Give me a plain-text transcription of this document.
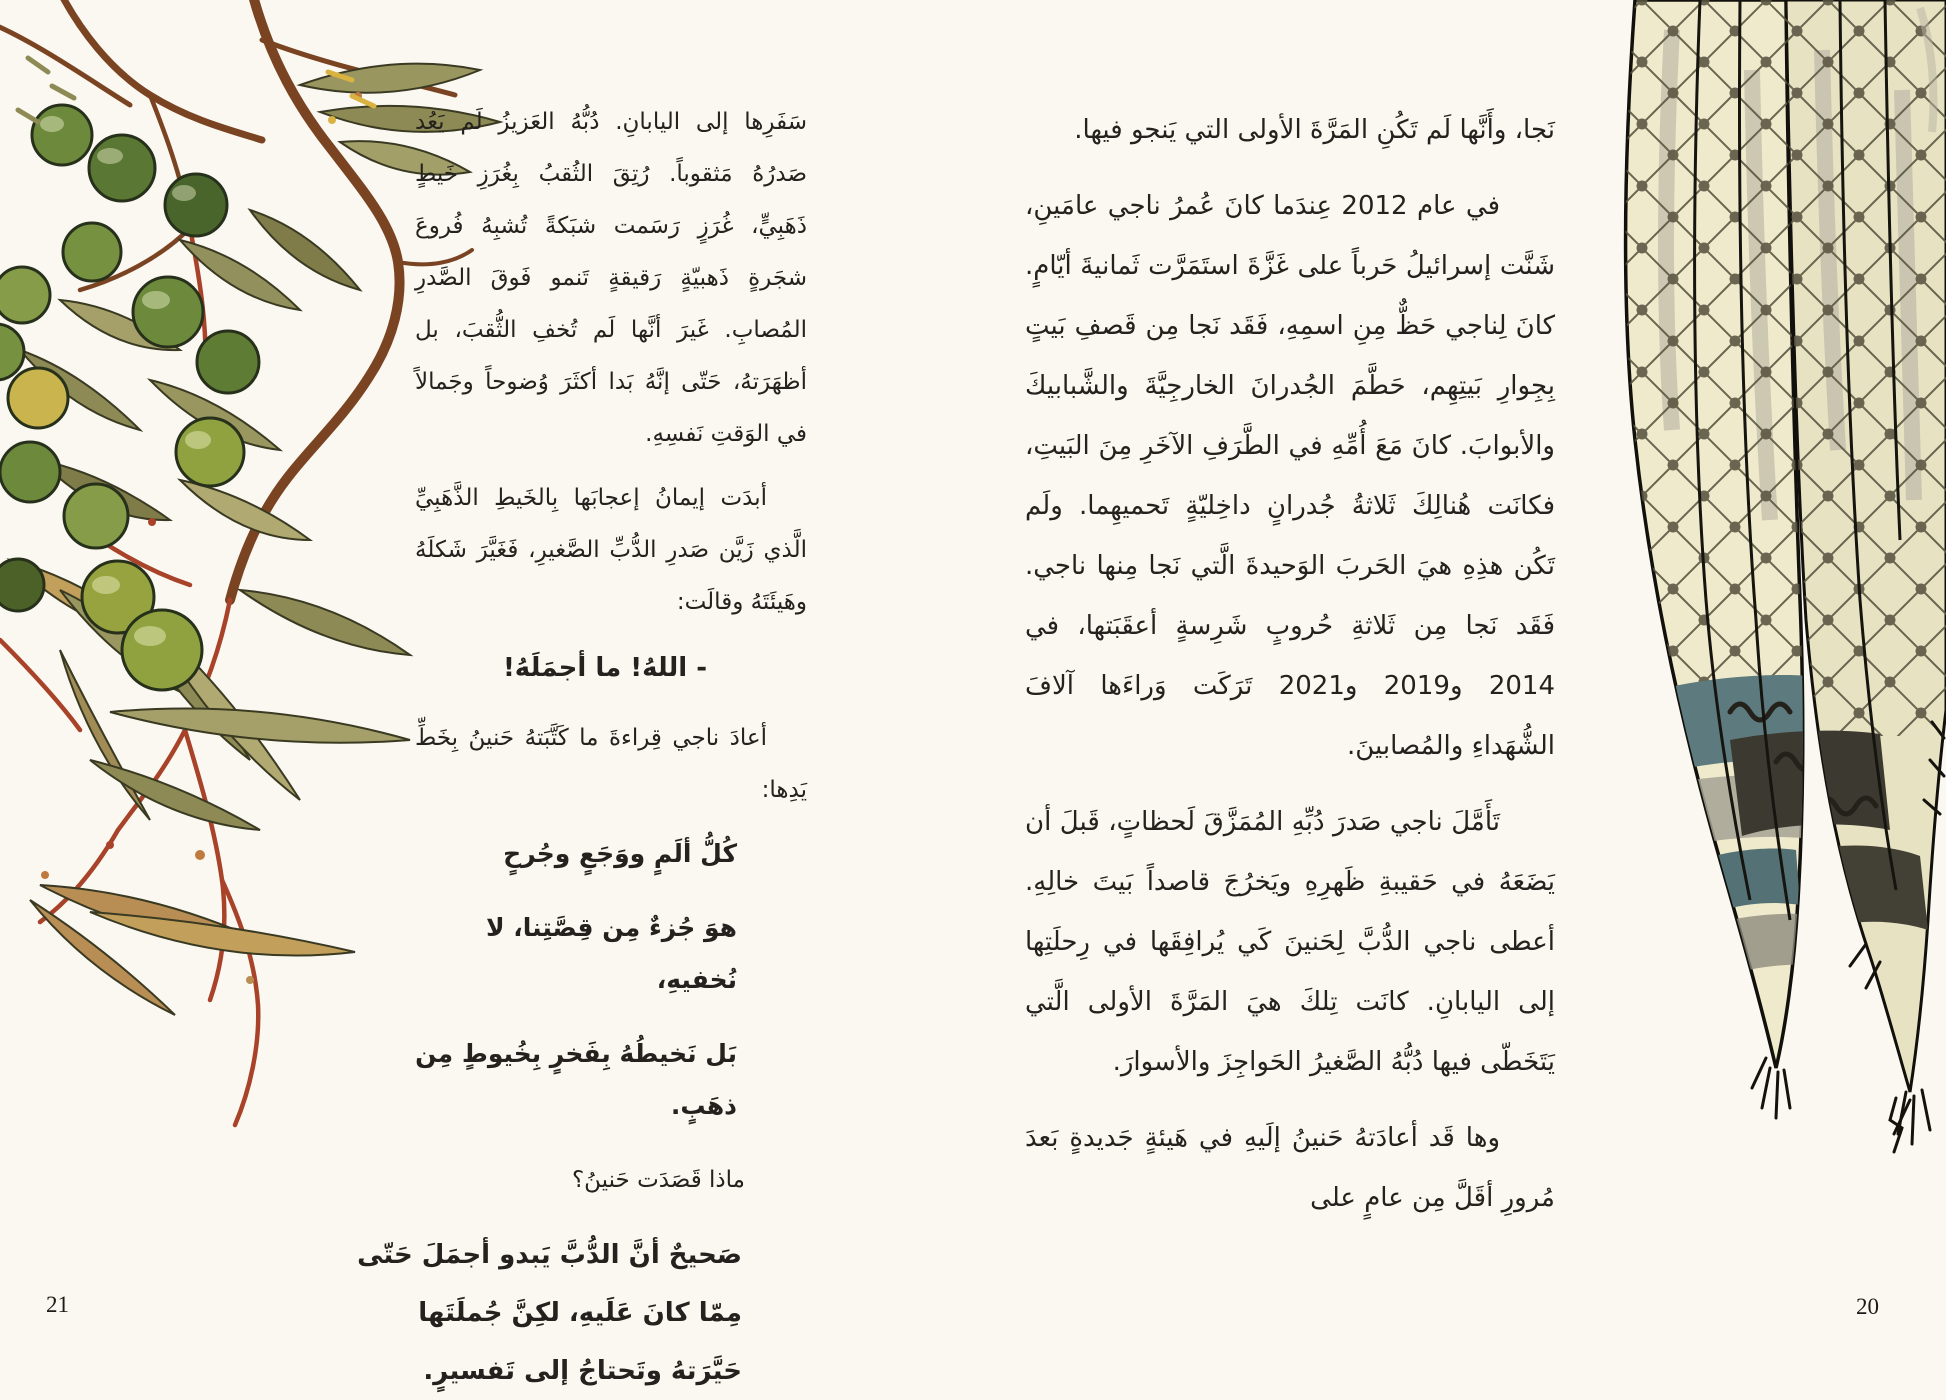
سَفَرِها إلى اليابانِ. دُبُّهُ العَزيزُ لَم يَعُد صَدرُهُ مَثقوباً. رُتِقَ الثُقبُ بِغُرَزِ خَيطٍ ذَهَبِيٍّ، غُرَزٍ رَسَمت شبَكةً تُشبِهُ فُروعَ شجَرةٍ ذَهبيّةٍ رَقيقةٍ تَنمو فَوقَ الصَّدرِ المُصابِ. غَيرَ أنَّها لَم تُخفِ الثُّقبَ، بل أظهَرَتهُ، حَتّى إنَّهُ بَدا أكثَرَ وُضوحاً وجَمالاً في الوَقتِ نَفسِهِ.

أبدَت إيمانُ إعجابَها بِالخَيطِ الذَّهَبِيِّ الَّذي زَيَّن صَدرِ الدُّبِّ الصَّغيرِ، فَغَيَّرَ شَكلَهُ وهَيئَتَهُ وقالَت:

- اللهُ! ما أجمَلَهُ!

أعادَ ناجي قِراءةَ ما كَتَّبَتهُ حَنينُ بِخَطِّ يَدِها:

كُلُّ ألَمٍ ووَجَعٍ وجُرحٍ

هوَ جُزءٌ مِن قِصَّتِنا، لا نُخفيهِ،

بَل نَخيطُهُ بِفَخرٍ بِخُيوطٍ مِن ذهَبٍ.

ماذا قَصَدَت حَنينُ؟

صَحيحٌ أنَّ الدُّبَّ يَبدو أجمَلَ حَتّى مِمّا كانَ عَلَيهِ، لكِنَّ جُملَتَها حَيَّرَتهُ وتَحتاجُ إلى تَفسيرٍ.

21

نَجا، وأَنَّها لَم تَكُنِ المَرَّةَ الأولى التي يَنجو فيها.

في عام 2012 عِندَما كانَ عُمرُ ناجي عامَينِ، شَنَّت إسرائيلُ حَرباً على غَزَّةَ استَمَرَّت ثَمانيةَ أيّامٍ. كانَ لِناجي حَظٌّ مِنِ اسمِهِ، فَقَد نَجا مِن قَصفِ بَيتٍ بِجِوارِ بَيتِهِم، حَطَّمَ الجُدرانَ الخارجِيَّةَ والشَّبابيكَ والأبوابَ. كانَ مَعَ أُمِّهِ في الطَّرَفِ الآخَرِ مِنَ البَيتِ، فكانَت هُنالِكَ ثَلاثةُ جُدرانٍ داخِليّةٍ تَحميهِما. ولَم تَكُن هذِهِ هيَ الحَربَ الوَحيدةَ الَّتي نَجا مِنها ناجي. فَقَد نَجا مِن ثَلاثةِ حُروبٍ شَرِسةٍ أعقَبَتها، في 2014 و2019 و2021 تَرَكَت وَراءَها آلافَ الشُّهَداءِ والمُصابينَ.

تَأَمَّلَ ناجي صَدرَ دُبِّهِ المُمَزَّقَ لَحظاتٍ، قَبلَ أن يَضَعَهُ في حَقيبةِ ظَهرِهِ ويَخرُجَ قاصداً بَيتَ خالِهِ. أعطى ناجي الدُّبَّ لِحَنينَ كَي يُرافِقَها في رِحلَتِها إلى اليابانِ. كانَت تِلكَ هيَ المَرَّةَ الأولى الَّتي يَتَخَطّى فيها دُبُّهُ الصَّغيرُ الحَواجِزَ والأسوارَ.

وها قَد أعادَتهُ حَنينُ إلَيهِ في هَيئةٍ جَديدةٍ بَعدَ مُرورِ أقَلَّ مِن عامٍ على

20
